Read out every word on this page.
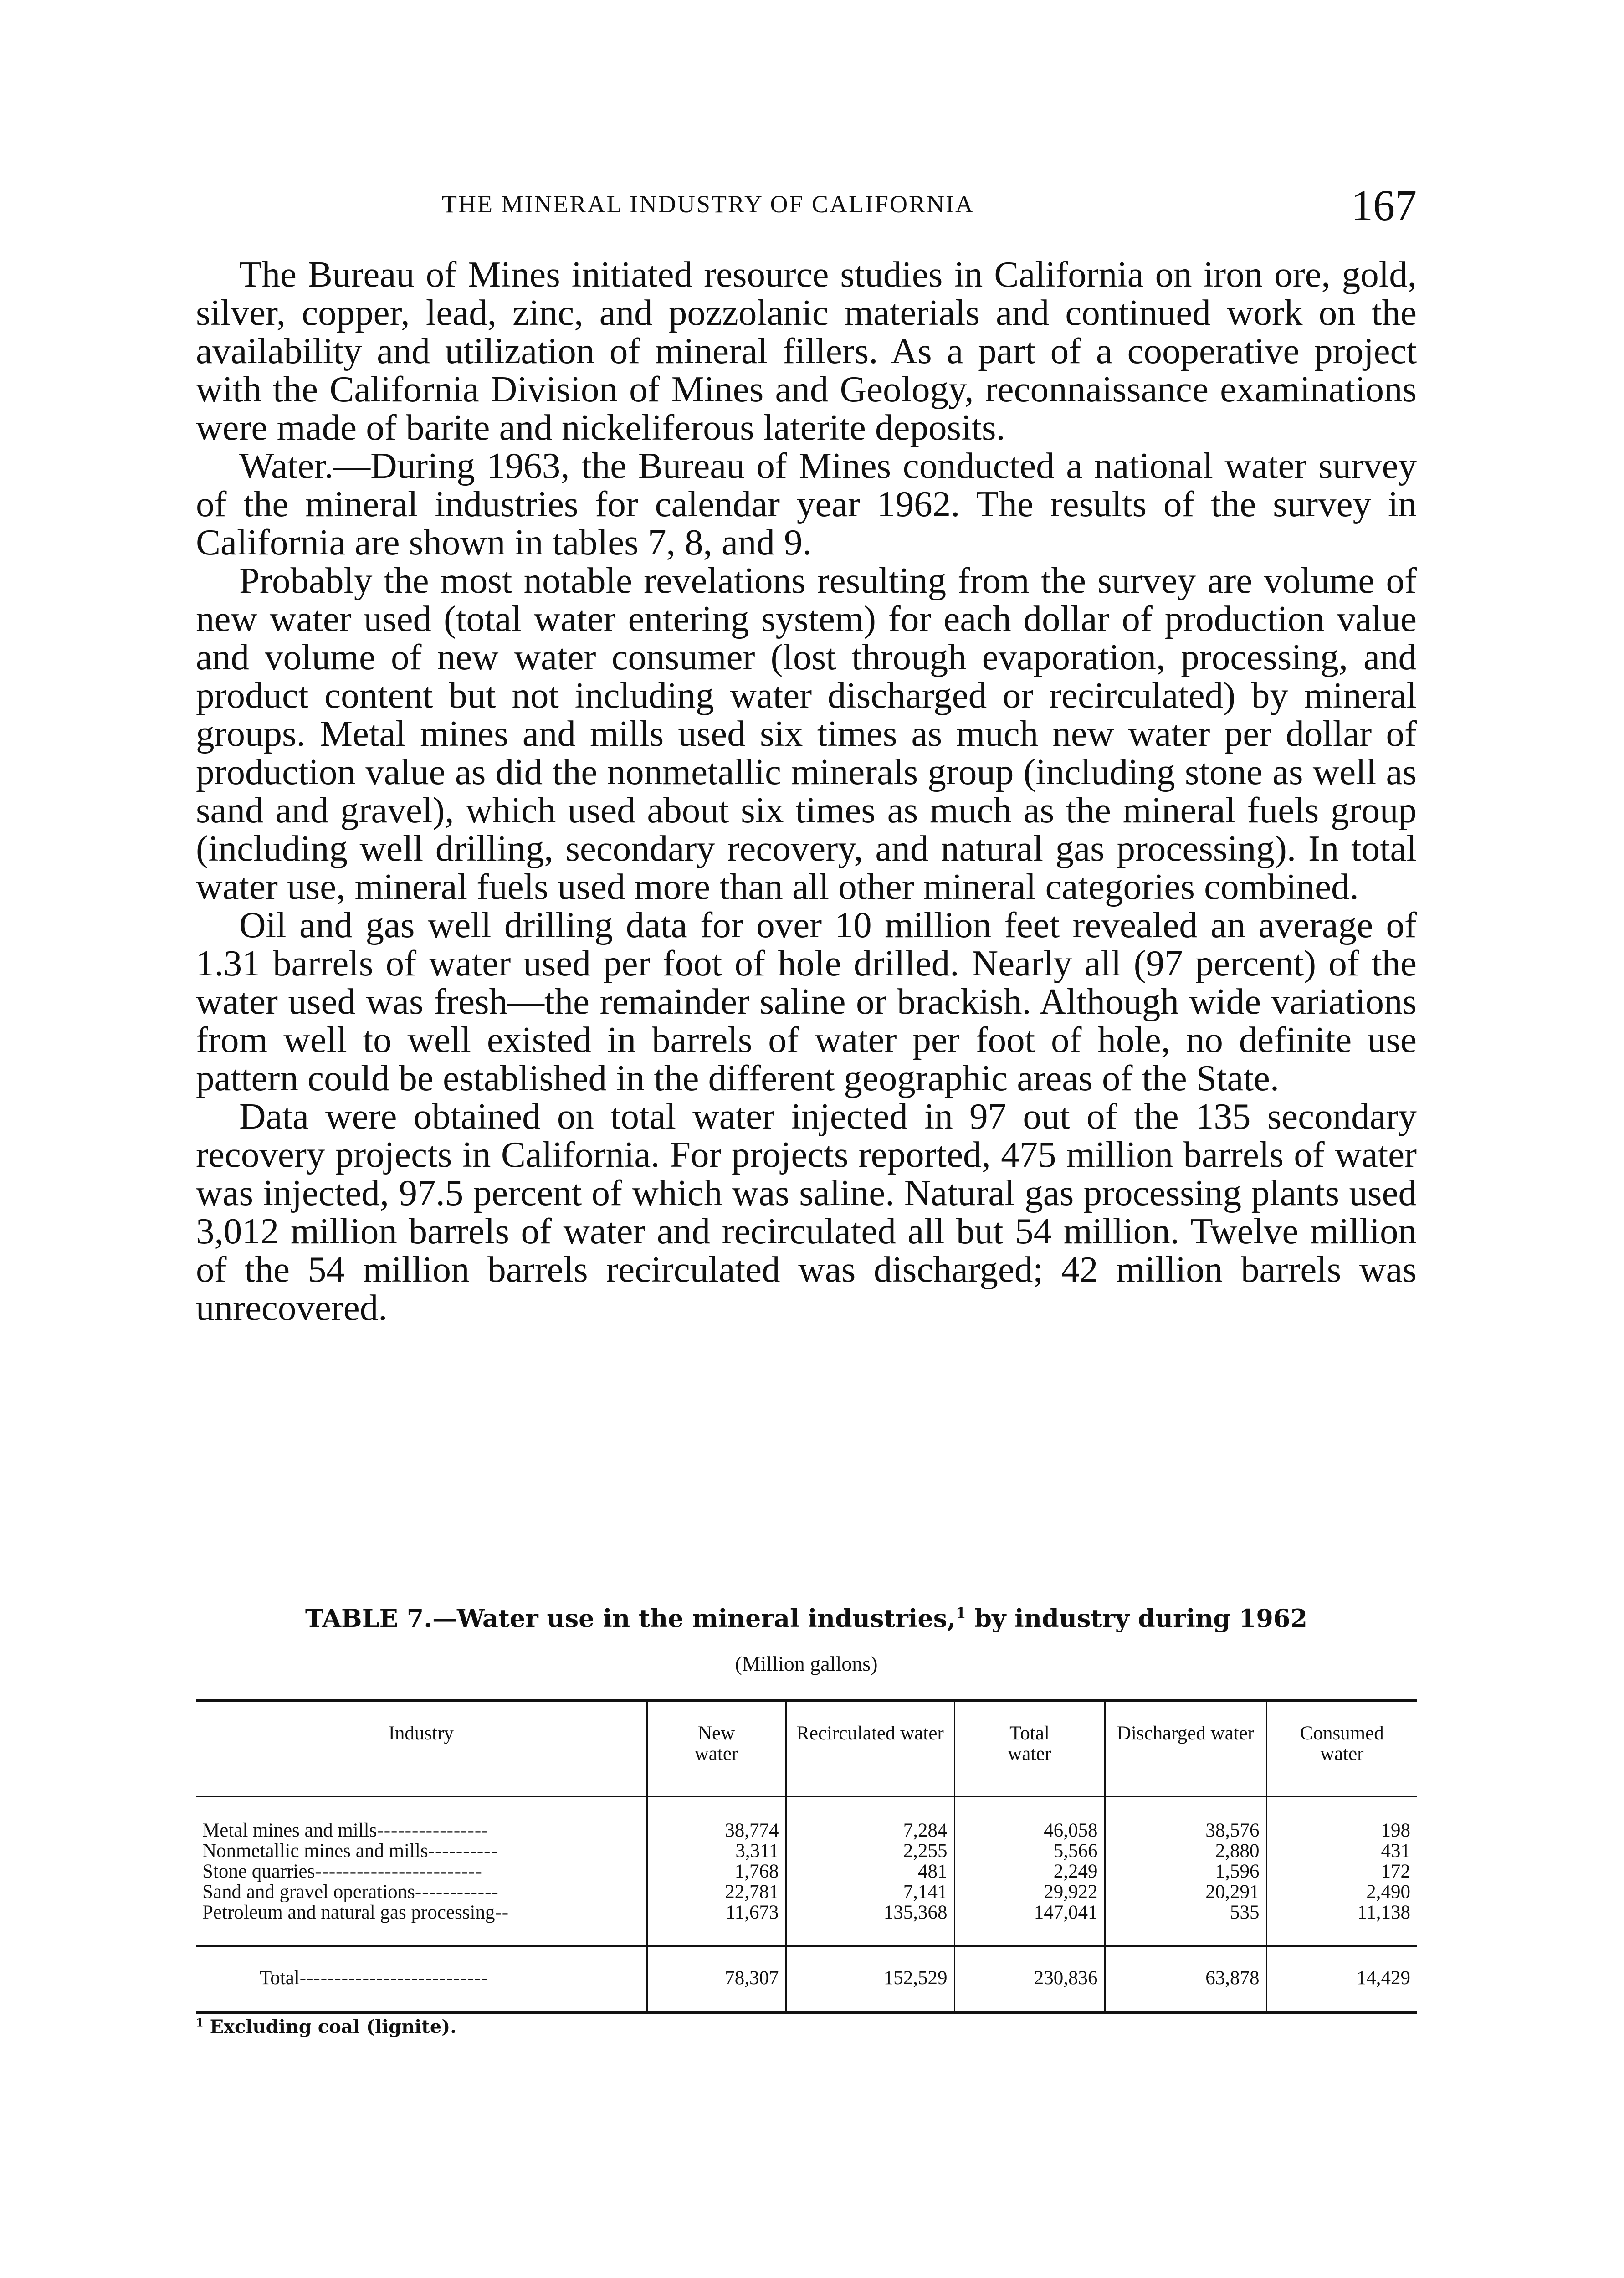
THE MINERAL INDUSTRY OF CALIFORNIA	167

The Bureau of Mines initiated resource studies in California on iron ore, gold, silver, copper, lead, zinc, and pozzolanic materials and continued work on the availability and utilization of mineral fillers. As a part of a cooperative project with the California Division of Mines and Geology, reconnaissance examinations were made of barite and nickeliferous laterite deposits.

Water.—During 1963, the Bureau of Mines conducted a national water survey of the mineral industries for calendar year 1962. The results of the survey in California are shown in tables 7, 8, and 9.

Probably the most notable revelations resulting from the survey are volume of new water used (total water entering system) for each dollar of production value and volume of new water consumer (lost through evaporation, processing, and product content but not including water discharged or recirculated) by mineral groups. Metal mines and mills used six times as much new water per dollar of production value as did the nonmetallic minerals group (including stone as well as sand and gravel), which used about six times as much as the mineral fuels group (including well drilling, secondary recovery, and natural gas processing). In total water use, mineral fuels used more than all other mineral categories combined.

Oil and gas well drilling data for over 10 million feet revealed an average of 1.31 barrels of water used per foot of hole drilled. Nearly all (97 percent) of the water used was fresh—the remainder saline or brackish. Although wide variations from well to well existed in barrels of water per foot of hole, no definite use pattern could be established in the different geographic areas of the State.

Data were obtained on total water injected in 97 out of the 135 secondary recovery projects in California. For projects reported, 475 million barrels of water was injected, 97.5 percent of which was saline. Natural gas processing plants used 3,012 million barrels of water and recirculated all but 54 million. Twelve million of the 54 million barrels recirculated was discharged; 42 million barrels was unrecovered.

TABLE 7.—Water use in the mineral industries,$^1$ by industry during 1962
(Million gallons)
Industry	New water	Recirculated water	Total water	Discharged water	Consumed water
Metal mines and mills----------------	38,774	7,284	46,058	38,576	198
Nonmetallic mines and mills----------	3,311	2,255	5,566	2,880	431
Stone quarries------------------------	1,768	481	2,249	1,596	172
Sand and gravel operations------------	22,781	7,141	29,922	20,291	2,490
Petroleum and natural gas processing--	11,673	135,368	147,041	535	11,138
Total---------------------------	78,307	152,529	230,836	63,878	14,429
$^1$ Excluding coal (lignite).
